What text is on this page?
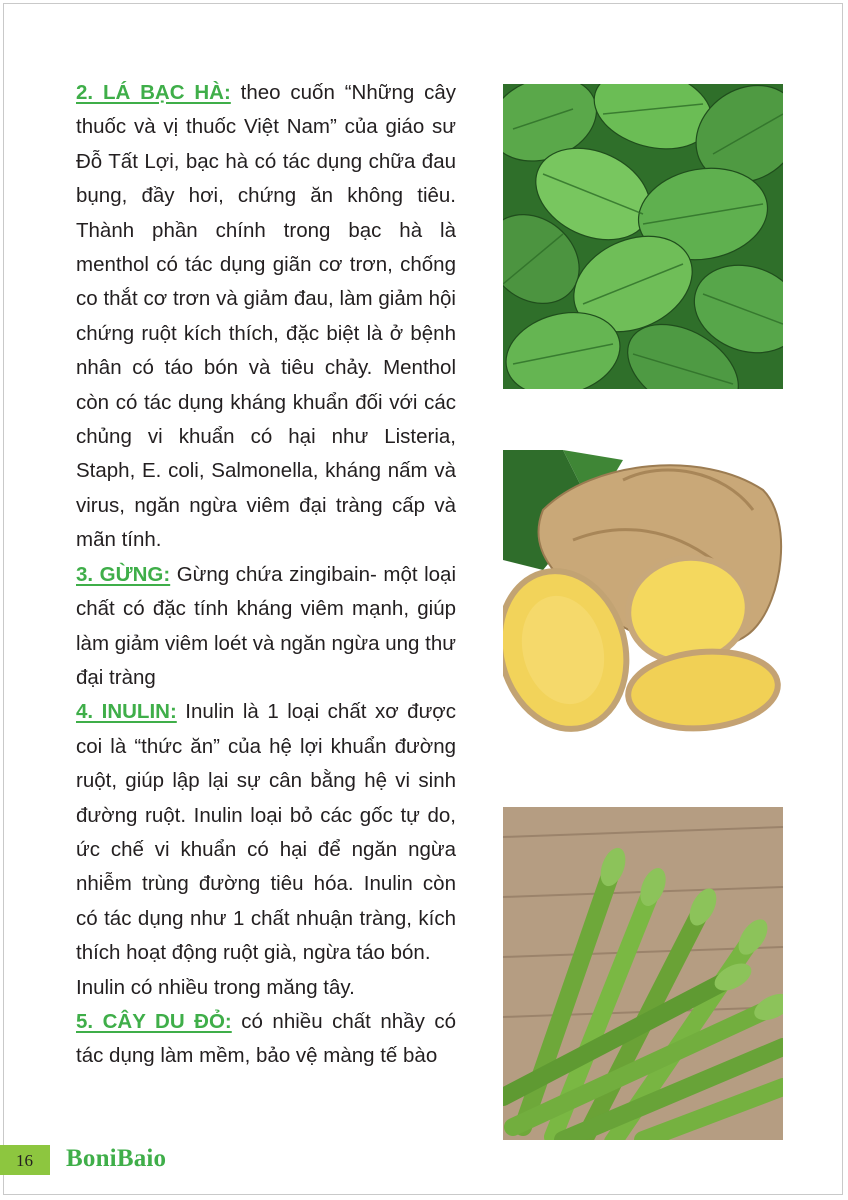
2. LÁ BẠC HÀ: theo cuốn “Những cây thuốc và vị thuốc Việt Nam” của giáo sư Đỗ Tất Lợi, bạc hà có tác dụng chữa đau bụng, đầy hơi, chứng ăn không tiêu. Thành phần chính trong bạc hà là menthol có tác dụng giãn cơ trơn, chống co thắt cơ trơn và giảm đau, làm giảm hội chứng ruột kích thích, đặc biệt là ở bệnh nhân có táo bón và tiêu chảy. Menthol còn có tác dụng kháng khuẩn đối với các chủng vi khuẩn có hại như Listeria, Staph, E. coli, Salmonella, kháng nấm và virus, ngăn ngừa viêm đại tràng cấp và mãn tính.

3. GỪNG: Gừng chứa zingibain- một loại chất có đặc tính kháng viêm mạnh, giúp làm giảm viêm loét và ngăn ngừa ung thư đại tràng

4. INULIN: Inulin là 1 loại chất xơ được coi là “thức ăn” của hệ lợi khuẩn đường ruột, giúp lập lại sự cân bằng hệ vi sinh đường ruột. Inulin loại bỏ các gốc tự do, ức chế vi khuẩn có hại để ngăn ngừa nhiễm trùng đường tiêu hóa. Inulin còn có tác dụng như 1 chất nhuận tràng, kích thích hoạt động ruột già, ngừa táo bón.

Inulin có nhiều trong măng tây.

5. CÂY DU ĐỎ: có nhiều chất nhầy có tác dụng làm mềm, bảo vệ màng tế bào

16 BoniBaio
